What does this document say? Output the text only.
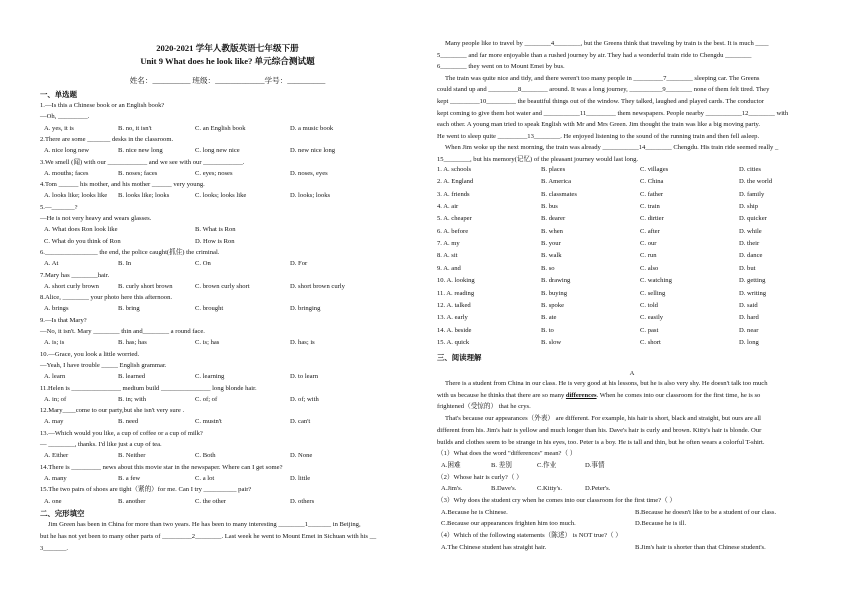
2020-2021 学年人教版英语七年级下册
Unit 9 What does he look like? 单元综合测试题
姓名：__________ 班级：_____________学号：__________
一、单选题
1.—Is this a Chinese book or an English book?
—Oh, _________.
A. yes, it is	B. no, it isn't	C. an English book	D. a music book
2.There are some _______ desks in the classroom.
A. nice long new	B. nice new long	C. long new nice	D. new nice long
3.We smell (闻) with our ____________ and we see with our ____________.
A. mouths; faces	B. noses; faces	C. eyes; noses	D. noses, eyes
4.Tom ______ his mother, and his mother ______ very young.
A. looks like; looks like B. looks like; looks	C. looks; looks like	D. looks; looks
5.—_______?
—He is not very heavy and wears glasses.
A. What does Ron look like	B. What is Ron
C. What do you think of Ron	D. How is Ron
6.________________ the end, the police caught(抓住) the criminal.
A. At	B. In	C. On	D. For
7.Mary has ________hair.
A. short curly brown	B. curly short brown	C. brown curly short	D. short brown curly
8.Alice, ________ your photo here this afternoon.
A. brings	B. bring	C. brought	D. bringing
9.—Is that Mary?
—No, it isn't. Mary ________ thin and________ a round face.
A. is; is	B. has; has	C. is; has	D. has; is
10.—Grace, you look a little worried.
—Yeah, I have trouble _____ English grammar.
A. learn	B. learned	C. learning	D. to learn
11.Helen is _______________ medium build _______________ long blonde hair.
A. in; of	B. in; with	C. of; of	D. of; with
12.Mary____come to our party,but she isn't very sure .
A. may	B. need	C. mustn't	D. can't
13.—Which would you like, a cup of coffee or a cup of milk?
— ________, thanks. I'd like just a cup of tea.
A. Either	B. Neither	C. Both	D. None
14.There is _________ news about this movie star in the newspaper. Where can I get some?
A. many	B. a few	C. a lot	D. little
15.The two pairs of shoes are tight（紧的）for me. Can I try __________ pair?
A. one	B. another	C. the other	D. others
二、完形填空
Jim Green has been in China for more than two years. He has been to many interesting ________1_______ in Beijing,
but he has not yet been to many other parts of _________2________. Last week he went to Mount Emei in Sichuan with his __
3_______.
Many people like to travel by ________4________, but the Greens think that traveling by train is the best. It is much ____
5________ and far more enjoyable than a rushed journey by air. They had a wonderful train ride to Chengdu ________
6________ they went on to Mount Emei by bus.
The train was quite nice and tidy, and there weren't too many people in _________7________ sleeping car. The Greens
could stand up and _________8________ around. It was a long journey, __________9________ none of them felt tired. They
kept _________10_________ the beautiful things out of the window. They talked, laughed and played cards. The conductor
kept coming to give them hot water and ___________11_________ them newspapers. People nearby ___________12________ with
each other. A young man tried to speak English with Mr and Mrs Green. Jim thought the train was like a big moving party.
He went to sleep quite _________13________. He enjoyed listening to the sound of the running train and then fell asleep.
When Jim woke up the next morning, the train was already ___________14________ Chengdu. His train ride seemed really _
15________, but his memory(记忆) of the pleasant journey would last long.
1. A. schools	B. places	C. villages	D. cities
2. A. England	B. America	C. China	D. the world
3. A. friends	B. classmates	C. father	D. family
4. A. air	B. bus	C. train	D. ship
5. A. cheaper	B. dearer	C. dirtier	D. quicker
6. A. before	B. when	C. after	D. while
7. A. my	B. your	C. our	D. their
8. A. sit	B. walk	C. run	D. dance
9. A. and	B. so	C. also	D. but
10. A. looking	B. drawing	C. watching	D. getting
11. A. reading	B. buying	C. selling	D. writing
12. A. talked	B. spoke	C. told	D. said
13. A. early	B. ate	C. easily	D. hard
14. A. beside	B. to	C. past	D. near
15. A. quick	B. slow	C. short	D. long
三、阅读理解
A
There is a student from China in our class. He is very good at his lessons, but he is also very shy. He doesn't talk too much
with us because he thinks that there are so many differences. When he comes into our classroom for the first time, he is so
frightened（受惊的） that he crys.
That's because our appearances（外表） are different. For example, his hair is short, black and straight, but ours are all
different from his. Jim's hair is yellow and much longer than his. Dave's hair is curly and brown. Kitty's hair is blonde. Our
builds and clothes seem to be strange in his eyes, too. Peter is a boy. He is tall and thin, but he often wears a colorful T-shirt.
（1）What does the word "differences" mean?（ ）
A.困难	B. 差别	C.作业	D.事情
（2）Whose hair is curly?（ ）
A.Jim's.	B.Dave's.	C.Kitty's.	D.Peter's.
（3）Why does the student cry when he comes into our classroom for the first time?（ ）
A.Because he is Chinese.	B.Because he doesn't like to be a student of our class.
C.Because our appearances frighten him too much.	D.Because he is ill.
（4）Which of the following statements（陈述） is NOT true?（ ）
A.The Chinese student has straight hair.	B.Jim's hair is shorter than that Chinese student's.
